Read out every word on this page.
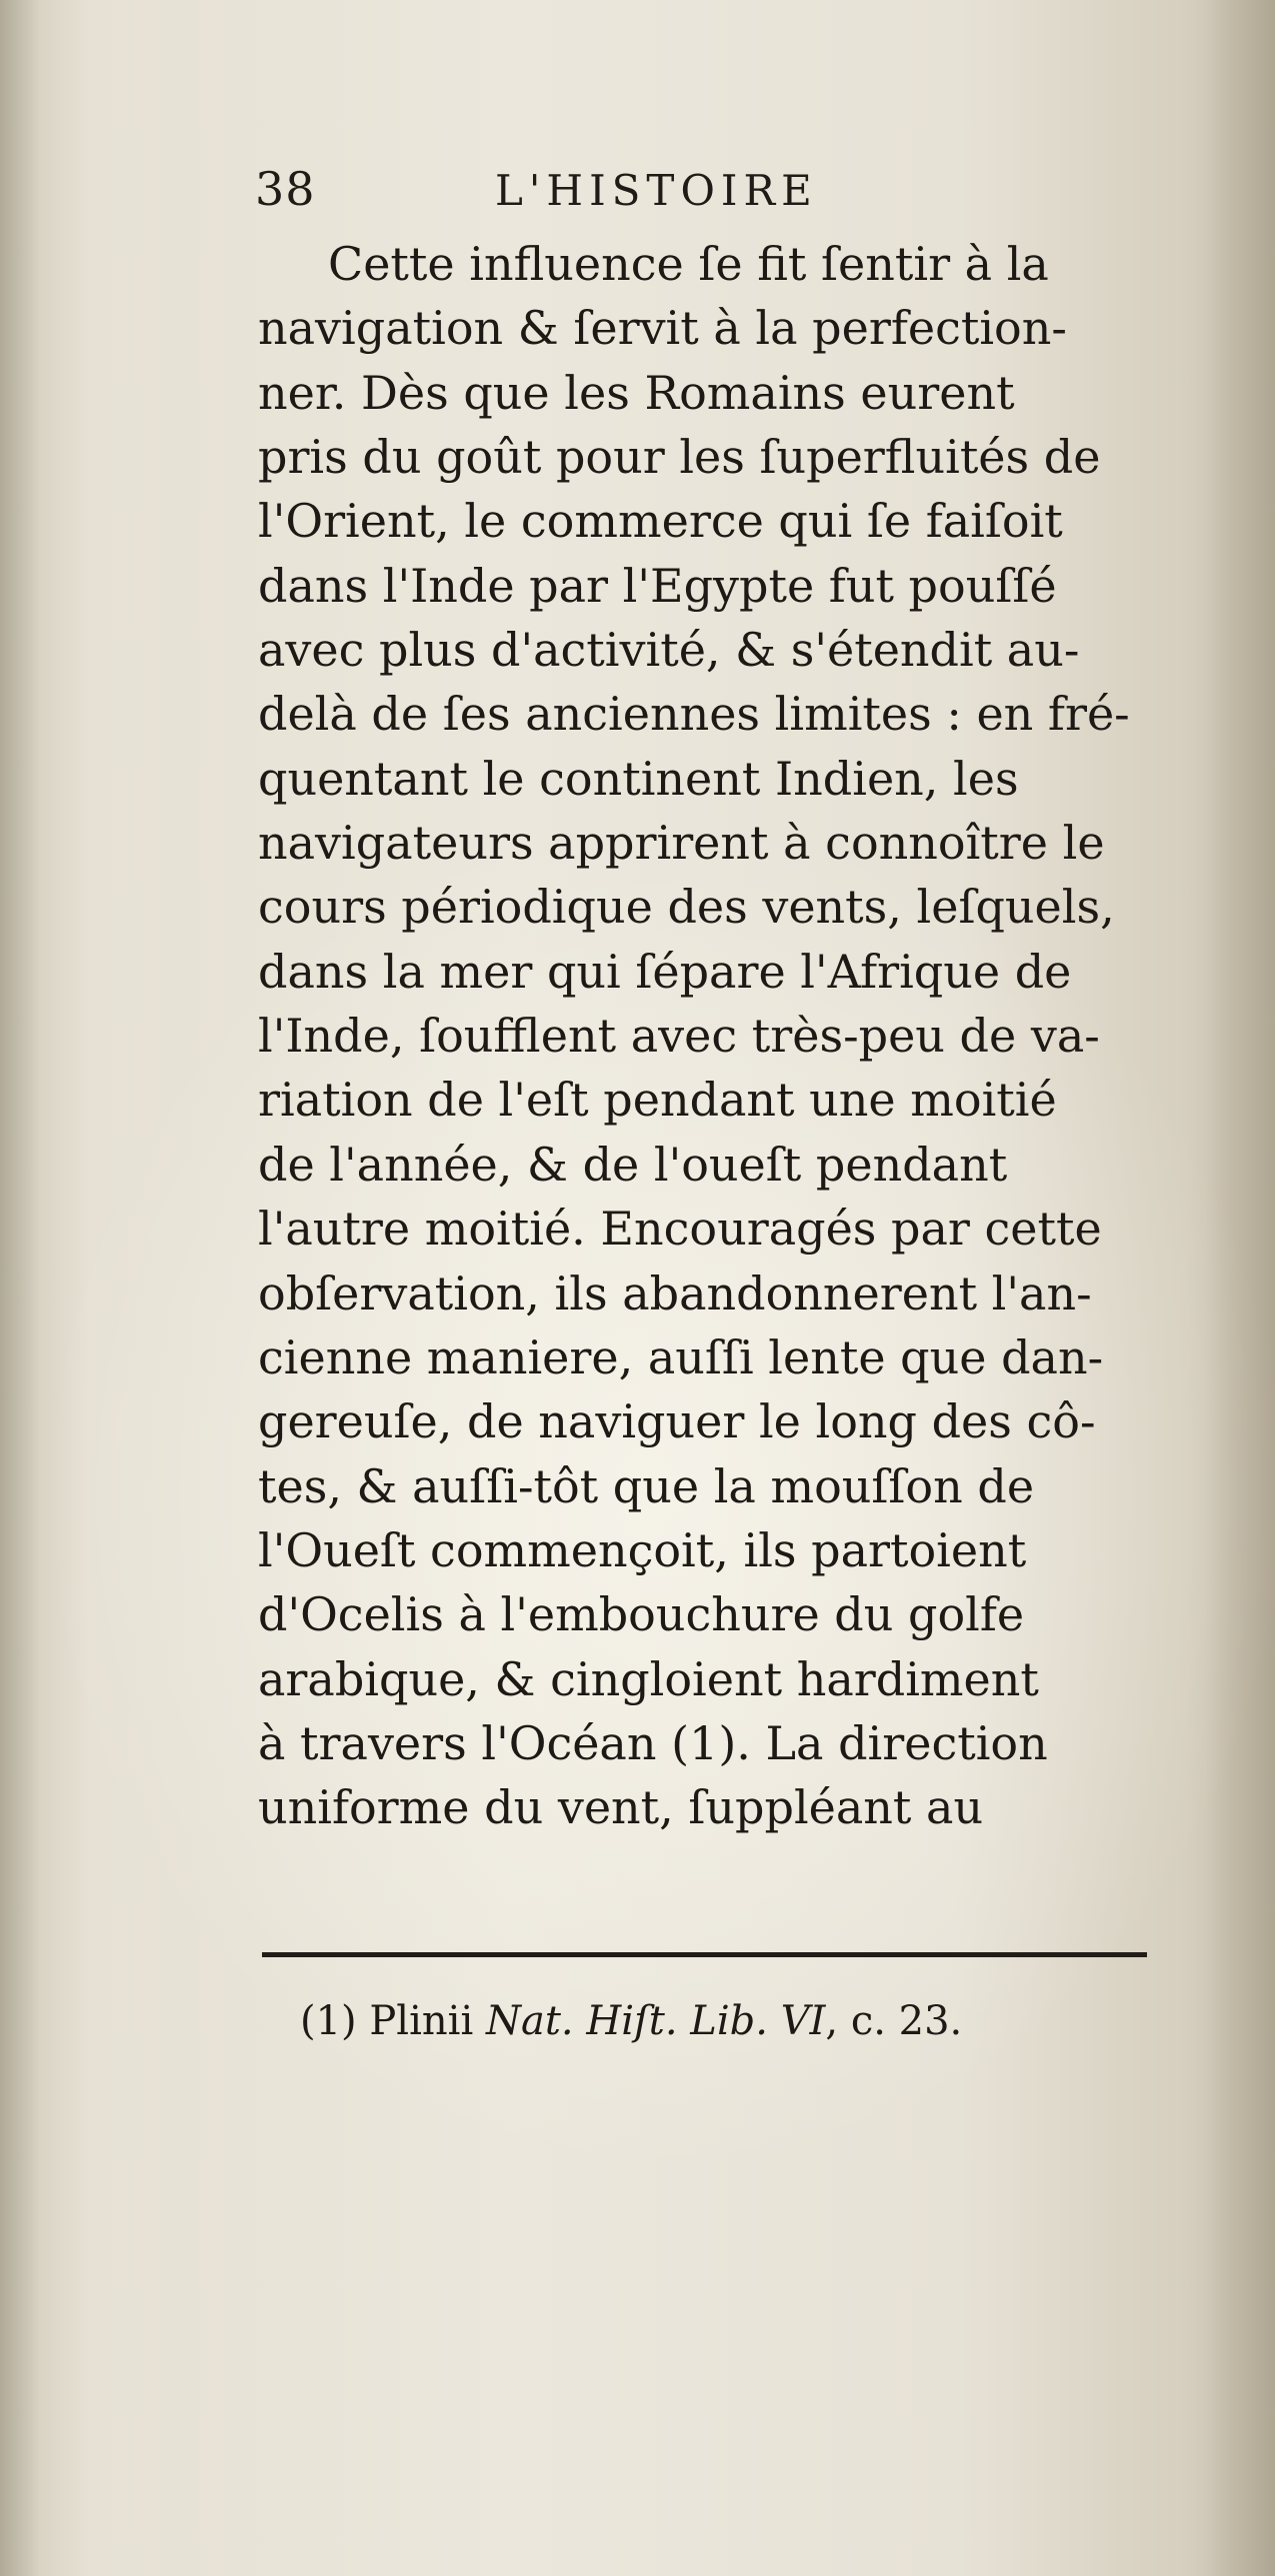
38	L'HISTOIRE
Cette influence ſe fit ſentir à la
navigation & ſervit à la perfection-
ner. Dès que les Romains eurent
pris du goût pour les ſuperfluités de
l'Orient, le commerce qui ſe faiſoit
dans l'Inde par l'Egypte fut pouſſé
avec plus d'activité, & s'étendit au-
delà de ſes anciennes limites : en fré-
quentant le continent Indien, les
navigateurs apprirent à connoître le
cours périodique des vents, leſquels,
dans la mer qui ſépare l'Afrique de
l'Inde, ſoufflent avec très-peu de va-
riation de l'eſt pendant une moitié
de l'année, & de l'oueſt pendant
l'autre moitié. Encouragés par cette
obſervation, ils abandonnerent l'an-
cienne maniere, auſſi lente que dan-
gereuſe, de naviguer le long des cô-
tes, & auſſi-tôt que la mouſſon de
l'Oueſt commençoit, ils partoient
d'Ocelis à l'embouchure du golfe
arabique, & cingloient hardiment
à travers l'Océan (1). La direction
uniforme du vent, ſuppléant au
(1) Plinii Nat. Hiſt. Lib. VI, c. 23.
